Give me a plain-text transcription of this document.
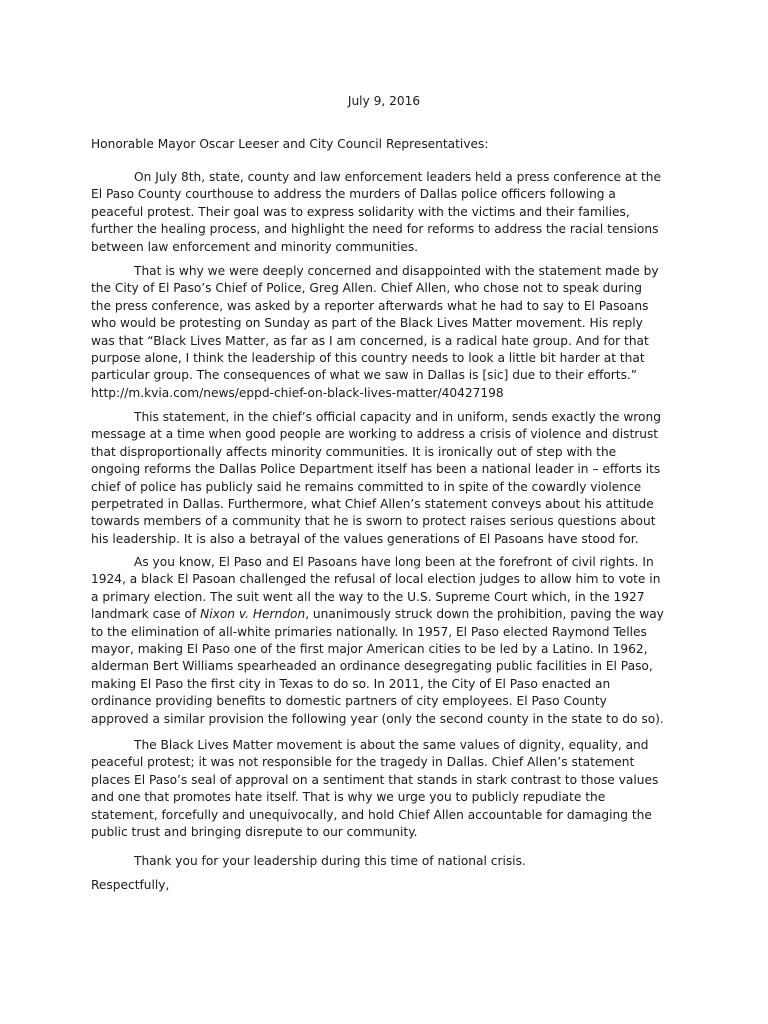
July 9, 2016
Honorable Mayor Oscar Leeser and City Council Representatives:
On July 8th, state, county and law enforcement leaders held a press conference at the
El Paso County courthouse to address the murders of Dallas police officers following a
peaceful protest. Their goal was to express solidarity with the victims and their families,
further the healing process, and highlight the need for reforms to address the racial tensions
between law enforcement and minority communities.
That is why we were deeply concerned and disappointed with the statement made by
the City of El Paso’s Chief of Police, Greg Allen. Chief Allen, who chose not to speak during
the press conference, was asked by a reporter afterwards what he had to say to El Pasoans
who would be protesting on Sunday as part of the Black Lives Matter movement. His reply
was that “Black Lives Matter, as far as I am concerned, is a radical hate group. And for that
purpose alone, I think the leadership of this country needs to look a little bit harder at that
particular group. The consequences of what we saw in Dallas is [sic] due to their efforts.”
http://m.kvia.com/news/eppd-chief-on-black-lives-matter/40427198
This statement, in the chief’s official capacity and in uniform, sends exactly the wrong
message at a time when good people are working to address a crisis of violence and distrust
that disproportionally affects minority communities. It is ironically out of step with the
ongoing reforms the Dallas Police Department itself has been a national leader in – efforts its
chief of police has publicly said he remains committed to in spite of the cowardly violence
perpetrated in Dallas. Furthermore, what Chief Allen’s statement conveys about his attitude
towards members of a community that he is sworn to protect raises serious questions about
his leadership. It is also a betrayal of the values generations of El Pasoans have stood for.
As you know, El Paso and El Pasoans have long been at the forefront of civil rights. In
1924, a black El Pasoan challenged the refusal of local election judges to allow him to vote in
a primary election. The suit went all the way to the U.S. Supreme Court which, in the 1927
landmark case of Nixon v. Herndon, unanimously struck down the prohibition, paving the way
to the elimination of all-white primaries nationally. In 1957, El Paso elected Raymond Telles
mayor, making El Paso one of the first major American cities to be led by a Latino. In 1962,
alderman Bert Williams spearheaded an ordinance desegregating public facilities in El Paso,
making El Paso the first city in Texas to do so. In 2011, the City of El Paso enacted an
ordinance providing benefits to domestic partners of city employees. El Paso County
approved a similar provision the following year (only the second county in the state to do so).
The Black Lives Matter movement is about the same values of dignity, equality, and
peaceful protest; it was not responsible for the tragedy in Dallas. Chief Allen’s statement
places El Paso’s seal of approval on a sentiment that stands in stark contrast to those values
and one that promotes hate itself. That is why we urge you to publicly repudiate the
statement, forcefully and unequivocally, and hold Chief Allen accountable for damaging the
public trust and bringing disrepute to our community.
Thank you for your leadership during this time of national crisis.
Respectfully,
